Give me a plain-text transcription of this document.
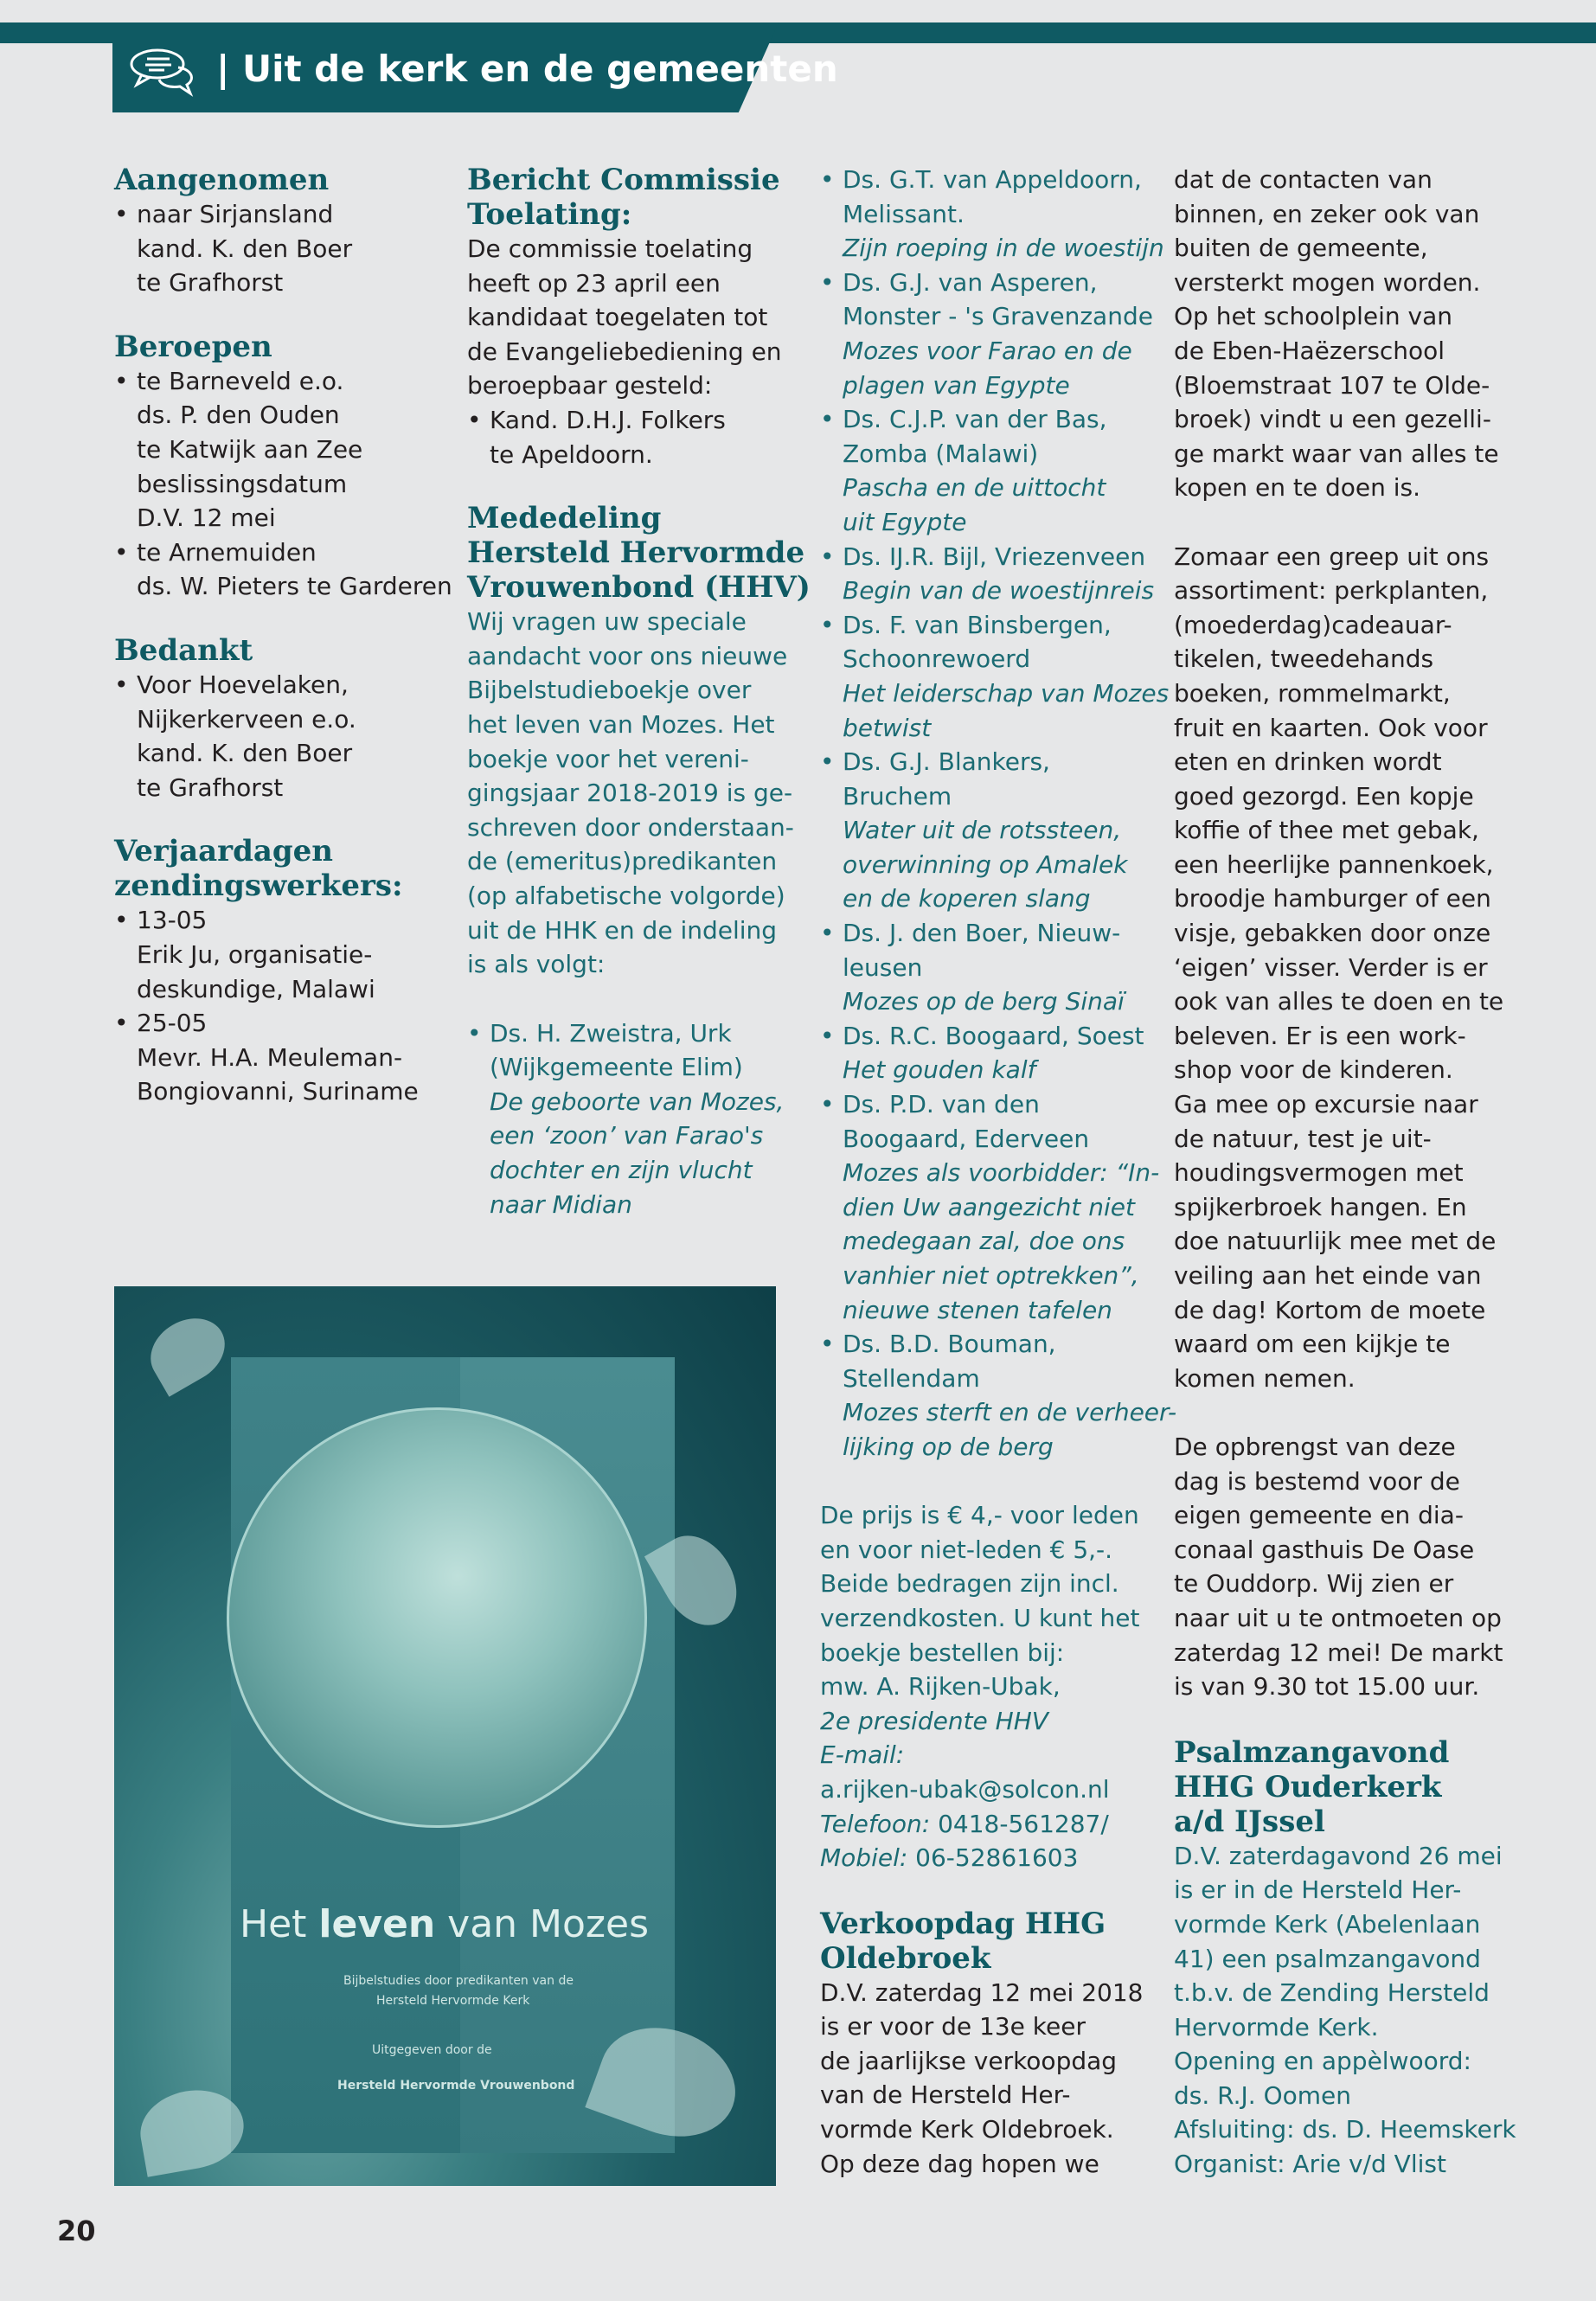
| Uit de kerk en de gemeenten
Aangenomen
• naar Sirjansland
kand. K. den Boer
te Grafhorst
Beroepen
• te Barneveld e.o.
ds. P. den Ouden
te Katwijk aan Zee
beslissingsdatum
D.V. 12 mei
• te Arnemuiden
ds. W. Pieters te Garderen
Bedankt
• Voor Hoevelaken,
Nijkerkerveen e.o.
kand. K. den Boer
te Grafhorst
Verjaardagen
zendingswerkers:
• 13-05
Erik Ju, organisatie-
deskundige, Malawi
• 25-05
Mevr. H.A. Meuleman-
Bongiovanni, Suriname
Bericht Commissie
Toelating:
De commissie toelating
heeft op 23 april een
kandidaat toegelaten tot
de Evangeliebediening en
beroepbaar gesteld:
• Kand. D.H.J. Folkers
te Apeldoorn.
Mededeling
Hersteld Hervormde
Vrouwenbond (HHV)
Wij vragen uw speciale
aandacht voor ons nieuwe
Bijbelstudieboekje over
het leven van Mozes. Het
boekje voor het vereni-
gingsjaar 2018-2019 is ge-
schreven door onderstaan-
de (emeritus)predikanten
(op alfabetische volgorde)
uit de HHK en de indeling
is als volgt:
• Ds. H. Zweistra, Urk
(Wijkgemeente Elim)
De geboorte van Mozes,
een ‘zoon’ van Farao's
dochter en zijn vlucht
naar Midian
• Ds. G.T. van Appeldoorn,
Melissant.
Zijn roeping in de woestijn
• Ds. G.J. van Asperen,
Monster - 's Gravenzande
Mozes voor Farao en de
plagen van Egypte
• Ds. C.J.P. van der Bas,
Zomba (Malawi)
Pascha en de uittocht
uit Egypte
• Ds. IJ.R. Bijl, Vriezenveen
Begin van de woestijnreis
• Ds. F. van Binsbergen,
Schoonrewoerd
Het leiderschap van Mozes
betwist
• Ds. G.J. Blankers,
Bruchem
Water uit de rotssteen,
overwinning op Amalek
en de koperen slang
• Ds. J. den Boer, Nieuw-
leusen
Mozes op de berg Sinaï
• Ds. R.C. Boogaard, Soest
Het gouden kalf
• Ds. P.D. van den
Boogaard, Ederveen
Mozes als voorbidder: “In-
dien Uw aangezicht niet
medegaan zal, doe ons
vanhier niet optrekken”,
nieuwe stenen tafelen
• Ds. B.D. Bouman,
Stellendam
Mozes sterft en de verheer-
lijking op de berg
De prijs is € 4,- voor leden
en voor niet-leden € 5,-.
Beide bedragen zijn incl.
verzendkosten. U kunt het
boekje bestellen bij:
mw. A. Rijken-Ubak,
2e presidente HHV
E-mail:
a.rijken-ubak@solcon.nl
Telefoon: 0418-561287/
Mobiel: 06-52861603
Verkoopdag HHG
Oldebroek
D.V. zaterdag 12 mei 2018
is er voor de 13e keer
de jaarlijkse verkoopdag
van de Hersteld Her-
vormde Kerk Oldebroek.
Op deze dag hopen we
dat de contacten van
binnen, en zeker ook van
buiten de gemeente,
versterkt mogen worden.
Op het schoolplein van
de Eben-Haëzerschool
(Bloemstraat 107 te Olde-
broek) vindt u een gezelli-
ge markt waar van alles te
kopen en te doen is.
Zomaar een greep uit ons
assortiment: perkplanten,
(moederdag)cadeauar-
tikelen, tweedehands
boeken, rommelmarkt,
fruit en kaarten. Ook voor
eten en drinken wordt
goed gezorgd. Een kopje
koffie of thee met gebak,
een heerlijke pannenkoek,
broodje hamburger of een
visje, gebakken door onze
‘eigen’ visser. Verder is er
ook van alles te doen en te
beleven. Er is een work-
shop voor de kinderen.
Ga mee op excursie naar
de natuur, test je uit-
houdingsvermogen met
spijkerbroek hangen. En
doe natuurlijk mee met de
veiling aan het einde van
de dag! Kortom de moete
waard om een kijkje te
komen nemen.
De opbrengst van deze
dag is bestemd voor de
eigen gemeente en dia-
conaal gasthuis De Oase
te Ouddorp. Wij zien er
naar uit u te ontmoeten op
zaterdag 12 mei! De markt
is van 9.30 tot 15.00 uur.
Psalmzangavond
HHG Ouderkerk
a/d IJssel
D.V. zaterdagavond 26 mei
is er in de Hersteld Her-
vormde Kerk (Abelenlaan
41) een psalmzangavond
t.b.v. de Zending Hersteld
Hervormde Kerk.
Opening en appèlwoord:
ds. R.J. Oomen
Afsluiting: ds. D. Heemskerk
Organist: Arie v/d Vlist
Het leven van Mozes
Bijbelstudies door predikanten van de
Hersteld Hervormde Kerk
Uitgegeven door de
Hersteld Hervormde Vrouwenbond
20
